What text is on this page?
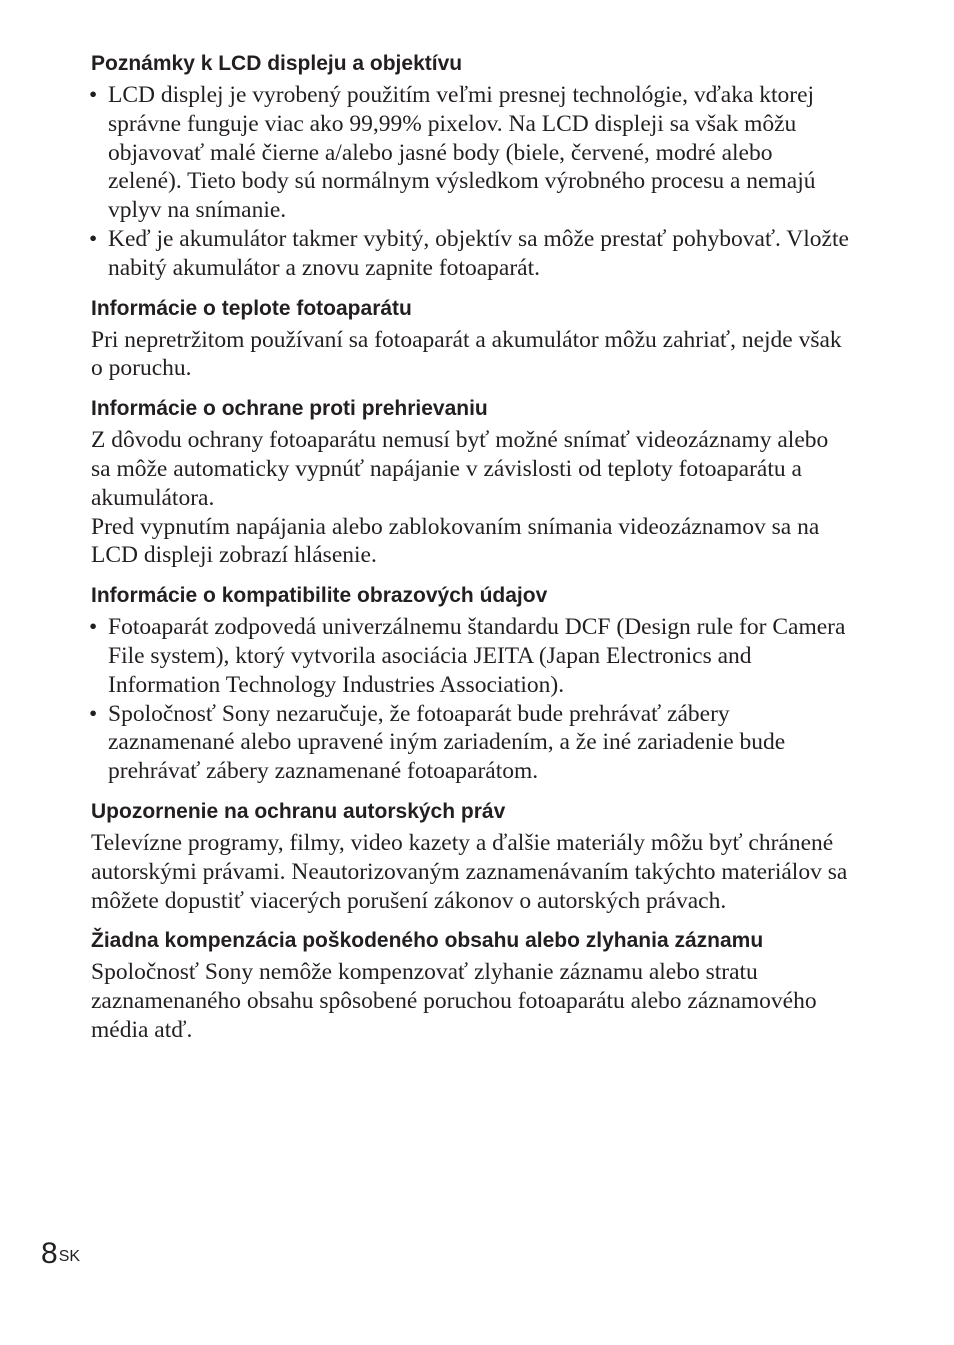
Poznámky k LCD displeju a objektívu
• LCD displej je vyrobený použitím veľmi presnej technológie, vďaka ktorej správne funguje viac ako 99,99% pixelov. Na LCD displeji sa však môžu objavovať malé čierne a/alebo jasné body (biele, červené, modré alebo zelené). Tieto body sú normálnym výsledkom výrobného procesu a nemajú vplyv na snímanie.
• Keď je akumulátor takmer vybitý, objektív sa môže prestať pohybovať. Vložte nabitý akumulátor a znovu zapnite fotoaparát.
Informácie o teplote fotoaparátu

Pri nepretržitom používaní sa fotoaparát a akumulátor môžu zahriať, nejde však o poruchu.

Informácie o ochrane proti prehrievaniu

Z dôvodu ochrany fotoaparátu nemusí byť možné snímať videozáznamy alebo sa môže automaticky vypnúť napájanie v závislosti od teploty fotoaparátu a akumulátora.

Pred vypnutím napájania alebo zablokovaním snímania videozáznamov sa na LCD displeji zobrazí hlásenie.

Informácie o kompatibilite obrazových údajov
• Fotoaparát zodpovedá univerzálnemu štandardu DCF (Design rule for Camera File system), ktorý vytvorila asociácia JEITA (Japan Electronics and Information Technology Industries Association).
• Spoločnosť Sony nezaručuje, že fotoaparát bude prehrávať zábery zaznamenané alebo upravené iným zariadením, a že iné zariadenie bude prehrávať zábery zaznamenané fotoaparátom.
Upozornenie na ochranu autorských práv

Televízne programy, filmy, video kazety a ďalšie materiály môžu byť chránené autorskými právami. Neautorizovaným zaznamenávaním takýchto materiálov sa môžete dopustiť viacerých porušení zákonov o autorských právach.

Žiadna kompenzácia poškodeného obsahu alebo zlyhania záznamu

Spoločnosť Sony nemôže kompenzovať zlyhanie záznamu alebo stratu zaznamenaného obsahu spôsobené poruchou fotoaparátu alebo záznamového média atď.

$8^{SK}$
